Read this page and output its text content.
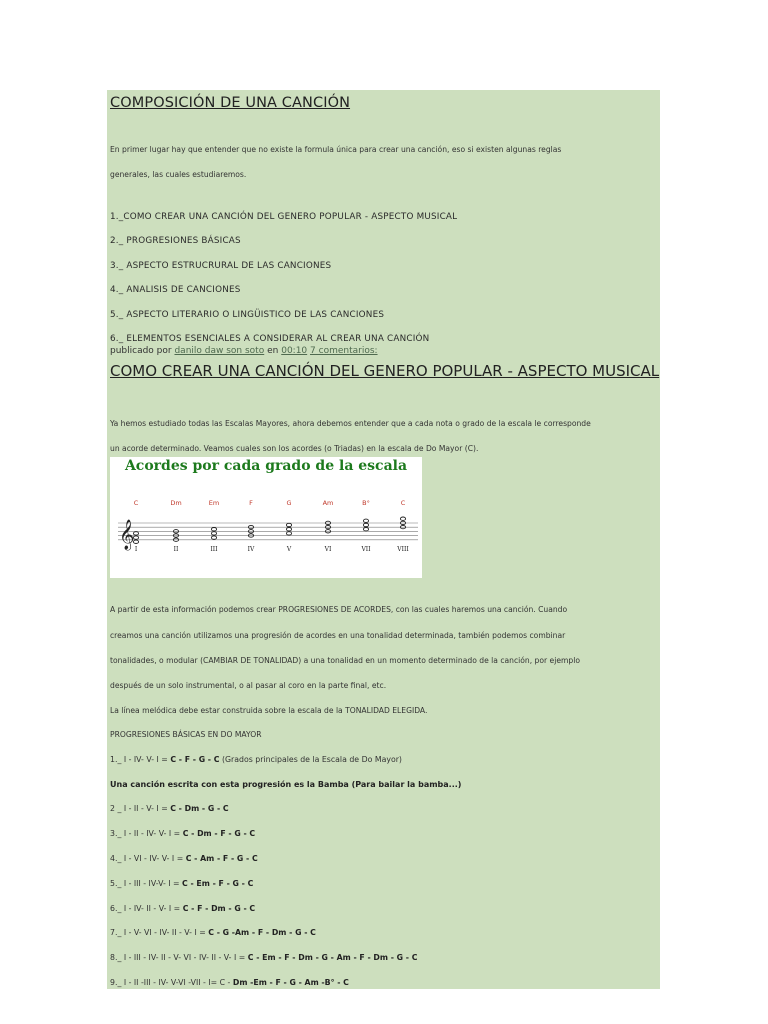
COMPOSICIÓN DE UNA CANCIÓN
En primer lugar hay que entender que no existe la formula única para crear una canción, eso si existen algunas reglas
generales, las cuales estudiaremos.
1._COMO CREAR UNA CANCIÓN DEL GENERO POPULAR - ASPECTO MUSICAL
2._ PROGRESIONES BÁSICAS
3._ ASPECTO ESTRUCRURAL DE LAS CANCIONES
4._ ANALISIS DE CANCIONES
5._ ASPECTO LITERARIO O LINGÜISTICO DE LAS CANCIONES
6._ ELEMENTOS ESENCIALES A CONSIDERAR AL CREAR UNA CANCIÓN
publicado por danilo daw son soto en 00:10 7 comentarios:
COMO CREAR UNA CANCIÓN DEL GENERO POPULAR - ASPECTO MUSICAL
Ya hemos estudiado todas las Escalas Mayores, ahora debemos entender que a cada nota o grado de la escala le corresponde
un acorde determinado. Veamos cuales son los acordes (o Triadas) en la escala de Do Mayor (C).
Acordes por cada grado de la escala
𝄞
C
I
Dm
II
Em
III
F
IV
G
V
Am
VI
B°
VII
C
VIII
A partir de esta información podemos crear PROGRESIONES DE ACORDES, con las cuales haremos una canción. Cuando
creamos una canción utilizamos una progresión de acordes en una tonalidad determinada, también podemos combinar
tonalidades, o modular (CAMBIAR DE TONALIDAD) a una tonalidad en un momento determinado de la canción, por ejemplo
después de un solo instrumental, o al pasar al coro en la parte final, etc.
La línea melódica debe estar construida sobre la escala de la TONALIDAD ELEGIDA.
PROGRESIONES BÁSICAS EN DO MAYOR
1._ I - IV- V- I = C - F - G - C (Grados principales de la Escala de Do Mayor)
Una canción escrita con esta progresión es la Bamba (Para bailar la bamba...)
2 _ I - II - V- I = C - Dm - G - C
3._ I - II - IV- V- I = C - Dm - F - G - C
4._ I - VI - IV- V- I = C - Am - F - G - C
5._ I - III - IV-V- I = C - Em - F - G - C
6._ I - IV- II - V- I = C - F - Dm - G - C
7._ I - V- VI - IV- II - V- I = C - G -Am - F - Dm - G - C
8._ I - III - IV- II - V- VI - IV- II - V- I = C - Em - F - Dm - G - Am - F - Dm - G - C
9._ I - II -III - IV- V-VI -VII - I= C - Dm -Em - F - G - Am -B° - C
